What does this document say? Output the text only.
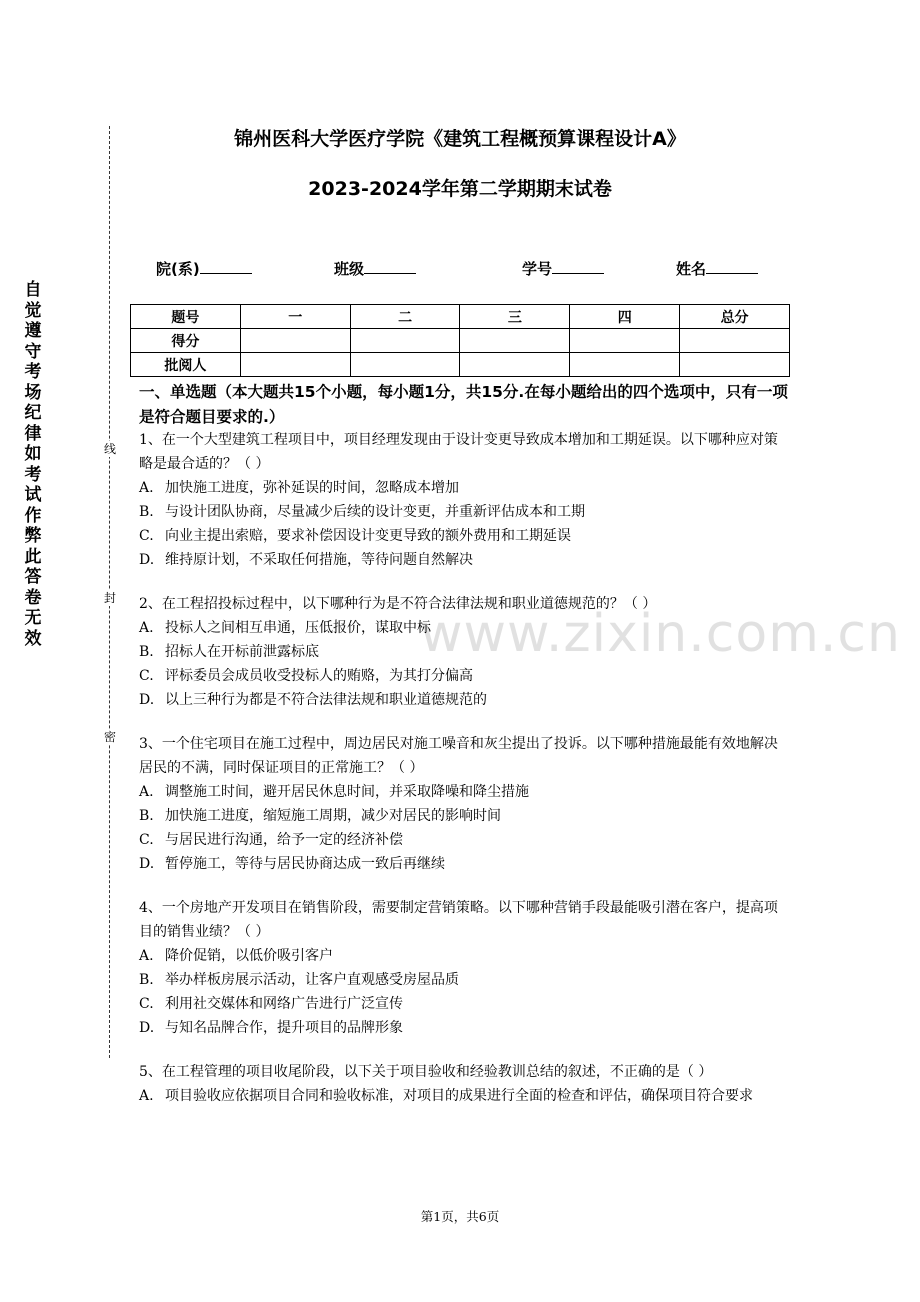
线
封
密
自觉遵守考场纪律如考试作弊此答卷无效
锦州医科大学医疗学院《建筑工程概预算课程设计A》
2023-2024学年第二学期期末试卷
院(系)	班级	学号	姓名
题号	一	二	三	四	总分
得分					
批阅人					
一、单选题（本大题共15个小题，每小题1分，共15分.在每小题给出的四个选项中，只有一项是符合题目要求的.）
www.zixin.com.cn
1、在一个大型建筑工程项目中，项目经理发现由于设计变更导致成本增加和工期延误。以下哪种应对策略是最合适的？（ ）
A. 加快施工进度，弥补延误的时间，忽略成本增加
B. 与设计团队协商，尽量减少后续的设计变更，并重新评估成本和工期
C. 向业主提出索赔，要求补偿因设计变更导致的额外费用和工期延误
D. 维持原计划，不采取任何措施，等待问题自然解决
2、在工程招投标过程中，以下哪种行为是不符合法律法规和职业道德规范的？（ ）
A. 投标人之间相互串通，压低报价，谋取中标
B. 招标人在开标前泄露标底
C. 评标委员会成员收受投标人的贿赂，为其打分偏高
D. 以上三种行为都是不符合法律法规和职业道德规范的
3、一个住宅项目在施工过程中，周边居民对施工噪音和灰尘提出了投诉。以下哪种措施最能有效地解决居民的不满，同时保证项目的正常施工？（ ）
A. 调整施工时间，避开居民休息时间，并采取降噪和降尘措施
B. 加快施工进度，缩短施工周期，减少对居民的影响时间
C. 与居民进行沟通，给予一定的经济补偿
D. 暂停施工，等待与居民协商达成一致后再继续
4、一个房地产开发项目在销售阶段，需要制定营销策略。以下哪种营销手段最能吸引潜在客户，提高项目的销售业绩？（ ）
A. 降价促销，以低价吸引客户
B. 举办样板房展示活动，让客户直观感受房屋品质
C. 利用社交媒体和网络广告进行广泛宣传
D. 与知名品牌合作，提升项目的品牌形象
5、在工程管理的项目收尾阶段，以下关于项目验收和经验教训总结的叙述，不正确的是（ ）
A. 项目验收应依据项目合同和验收标准，对项目的成果进行全面的检查和评估，确保项目符合要求
第1页，共6页
